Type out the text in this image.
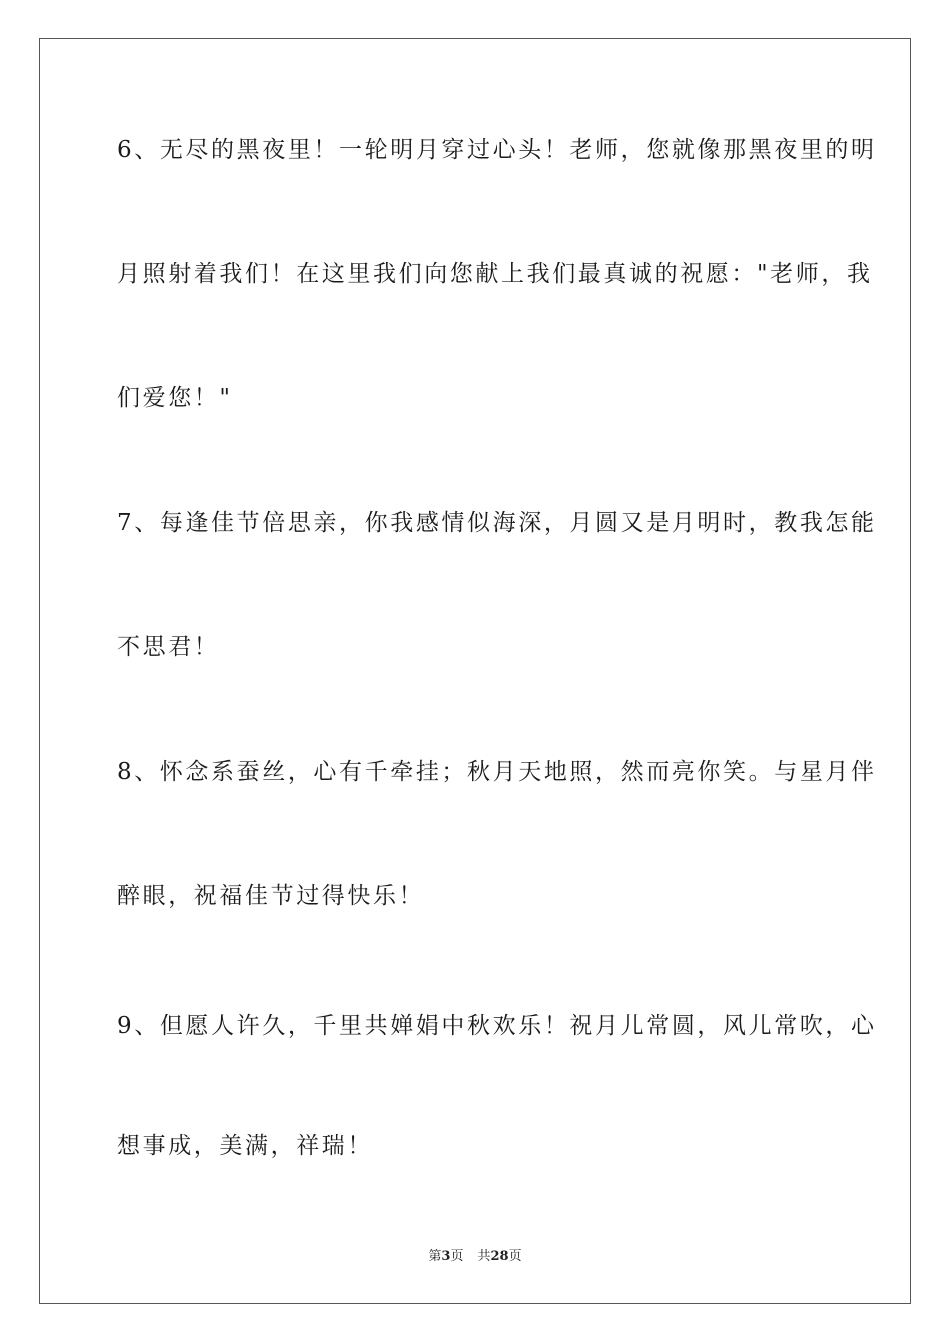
6、无尽的黑夜里！一轮明月穿过心头！老师，您就像那黑夜里的明
月照射着我们！在这里我们向您献上我们最真诚的祝愿："老师，我
们爱您！"
7、每逢佳节倍思亲，你我感情似海深，月圆又是月明时，教我怎能
不思君！
8、怀念系蚕丝，心有千牵挂；秋月天地照，然而亮你笑。与星月伴
醉眼，祝福佳节过得快乐！
9、但愿人许久，千里共婵娟中秋欢乐！祝月儿常圆，风儿常吹，心
想事成，美满，祥瑞！
第3页 共28页
